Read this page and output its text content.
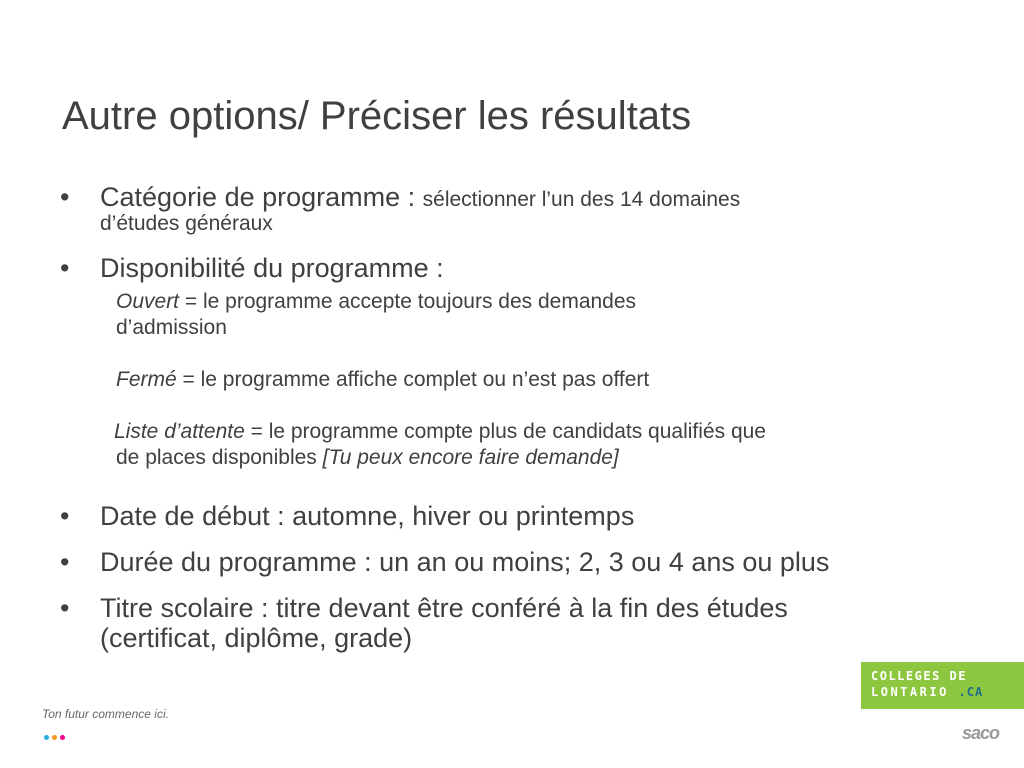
Autre options/ Préciser les résultats
• Catégorie de programme : sélectionner l’un des 14 domaines
d’études généraux
• Disponibilité du programme :
Ouvert = le programme accepte toujours des demandes
d’admission
Fermé = le programme affiche complet ou n’est pas offert
Liste d’attente = le programme compte plus de candidats qualifiés que
de places disponibles [Tu peux encore faire demande]
• Date de début : automne, hiver ou printemps
• Durée du programme : un an ou moins; 2, 3 ou 4 ans ou plus
• Titre scolaire : titre devant être conféré à la fin des études
(certificat, diplôme, grade)
Ton futur commence ici.
COLLEGES DE
LONTARIO .CA
saco
